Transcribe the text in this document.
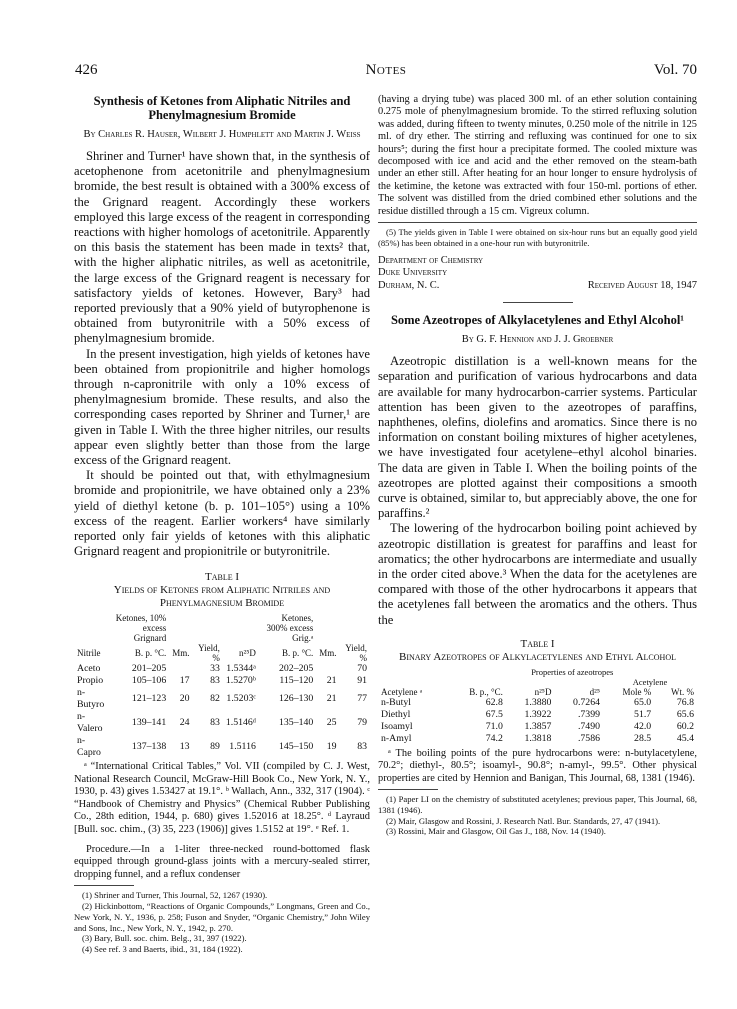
426	Notes	Vol. 70
Synthesis of Ketones from Aliphatic Nitriles and Phenylmagnesium Bromide
By Charles R. Hauser, Wilbert J. Humphlett and Martin J. Weiss

Shriner and Turner¹ have shown that, in the synthesis of acetophenone from acetonitrile and phenylmagnesium bromide, the best result is obtained with a 300% excess of the Grignard reagent. Accordingly these workers employed this large excess of the reagent in corresponding reactions with higher homologs of acetonitrile. Apparently on this basis the statement has been made in texts² that, with the higher aliphatic nitriles, as well as acetonitrile, the large excess of the Grignard reagent is necessary for satisfactory yields of ketones. However, Bary³ had reported previously that a 90% yield of butyrophenone is obtained from butyronitrile with a 50% excess of phenylmagnesium bromide.

In the present investigation, high yields of ketones have been obtained from propionitrile and higher homologs through n-capronitrile with only a 10% excess of phenylmagnesium bromide. These results, and also the corresponding cases reported by Shriner and Turner,¹ are given in Table I. With the three higher nitriles, our results appear even slightly better than those from the large excess of the Grignard reagent.

It should be pointed out that, with ethylmagnesium bromide and propionitrile, we have obtained only a 23% yield of diethyl ketone (b. p. 101–105°) using a 10% excess of the reagent. Earlier workers⁴ have similarly reported only fair yields of ketones with this aliphatic Grignard reagent and propionitrile or butyronitrile.

Table I
Yields of Ketones from Aliphatic Nitriles and Phenylmagnesium Bromide
	Ketones, 10% excess Grignard				Ketones, 300% excess Grig.ᵃ		
Nitrile	B. p. °C.	Mm.	Yield, %	n²⁵D	B. p. °C.	Mm.	Yield, %
Aceto	201–205		33	1.5344ᵃ	202–205		70
Propio	105–106	17	83	1.5270ᵇ	115–120	21	91
n-Butyro	121–123	20	82	1.5203ᶜ	126–130	21	77
n-Valero	139–141	24	83	1.5146ᵈ	135–140	25	79
n-Capro	137–138	13	89	1.5116	145–150	19	83

ᵃ “International Critical Tables,” Vol. VII (compiled by C. J. West, National Research Council, McGraw-Hill Book Co., New York, N. Y., 1930, p. 43) gives 1.53427 at 19.1°. ᵇ Wallach, Ann., 332, 317 (1904). ᶜ “Handbook of Chemistry and Physics” (Chemical Rubber Publishing Co., 28th edition, 1944, p. 680) gives 1.52016 at 18.25°. ᵈ Layraud [Bull. soc. chim., (3) 35, 223 (1906)] gives 1.5152 at 19°. ᵉ Ref. 1.

Procedure.—In a 1-liter three-necked round-bottomed flask equipped through ground-glass joints with a mercury-sealed stirrer, dropping funnel, and a reflux condenser

(1) Shriner and Turner, This Journal, 52, 1267 (1930).

(2) Hickinbottom, “Reactions of Organic Compounds,” Longmans, Green and Co., New York, N. Y., 1936, p. 258; Fuson and Snyder, “Organic Chemistry,” John Wiley and Sons, Inc., New York, N. Y., 1942, p. 270.

(3) Bary, Bull. soc. chim. Belg., 31, 397 (1922).

(4) See ref. 3 and Baerts, ibid., 31, 184 (1922).

(having a drying tube) was placed 300 ml. of an ether solution containing 0.275 mole of phenylmagnesium bromide. To the stirred refluxing solution was added, during fifteen to twenty minutes, 0.250 mole of the nitrile in 125 ml. of dry ether. The stirring and refluxing was continued for one to six hours⁵; during the first hour a precipitate formed. The cooled mixture was decomposed with ice and acid and the ether removed on the steam-bath under an ether still. After heating for an hour longer to ensure hydrolysis of the ketimine, the ketone was extracted with four 150-ml. portions of ether. The solvent was distilled from the dried combined ether solutions and the residue distilled through a 15 cm. Vigreux column.

(5) The yields given in Table I were obtained on six-hour runs but an equally good yield (85%) has been obtained in a one-hour run with butyronitrile.

Department of Chemistry
Duke University
Durham, N. C.	Received August 18, 1947
Some Azeotropes of Alkylacetylenes and Ethyl Alcohol¹
By G. F. Hennion and J. J. Groebner

Azeotropic distillation is a well-known means for the separation and purification of various hydrocarbons and data are available for many hydrocarbon-carrier systems. Particular attention has been given to the azeotropes of paraffins, naphthenes, olefins, diolefins and aromatics. Since there is no information on constant boiling mixtures of higher acetylenes, we have investigated four acetylene–ethyl alcohol binaries. The data are given in Table I. When the boiling points of the azeotropes are plotted against their compositions a smooth curve is obtained, similar to, but appreciably above, the one for paraffins.²

The lowering of the hydrocarbon boiling point achieved by azeotropic distillation is greatest for paraffins and least for aromatics; the other hydrocarbons are intermediate and usually in the order cited above.³ When the data for the acetylenes are compared with those of the other hydrocarbons it appears that the acetylenes fall between the aromatics and the others. Thus the

Table I
Binary Azeotropes of Alkylacetylenes and Ethyl Alcohol
	Properties of azeotropes				
				Acetylene	
Acetylene ᵃ	B. p., °C.	n²⁵D	d²⁵	Mole %	Wt. %
n-Butyl	62.8	1.3880	0.7264	65.0	76.8
Diethyl	67.5	1.3922	.7399	51.7	65.6
Isoamyl	71.0	1.3857	.7490	42.0	60.2
n-Amyl	74.2	1.3818	.7586	28.5	45.4

ᵃ The boiling points of the pure hydrocarbons were: n-butylacetylene, 70.2°; diethyl-, 80.5°; isoamyl-, 90.8°; n-amyl-, 99.5°. Other physical properties are cited by Hennion and Banigan, This Journal, 68, 1381 (1946).

(1) Paper LI on the chemistry of substituted acetylenes; previous paper, This Journal, 68, 1381 (1946).

(2) Mair, Glasgow and Rossini, J. Research Natl. Bur. Standards, 27, 47 (1941).

(3) Rossini, Mair and Glasgow, Oil Gas J., 188, Nov. 14 (1940).
